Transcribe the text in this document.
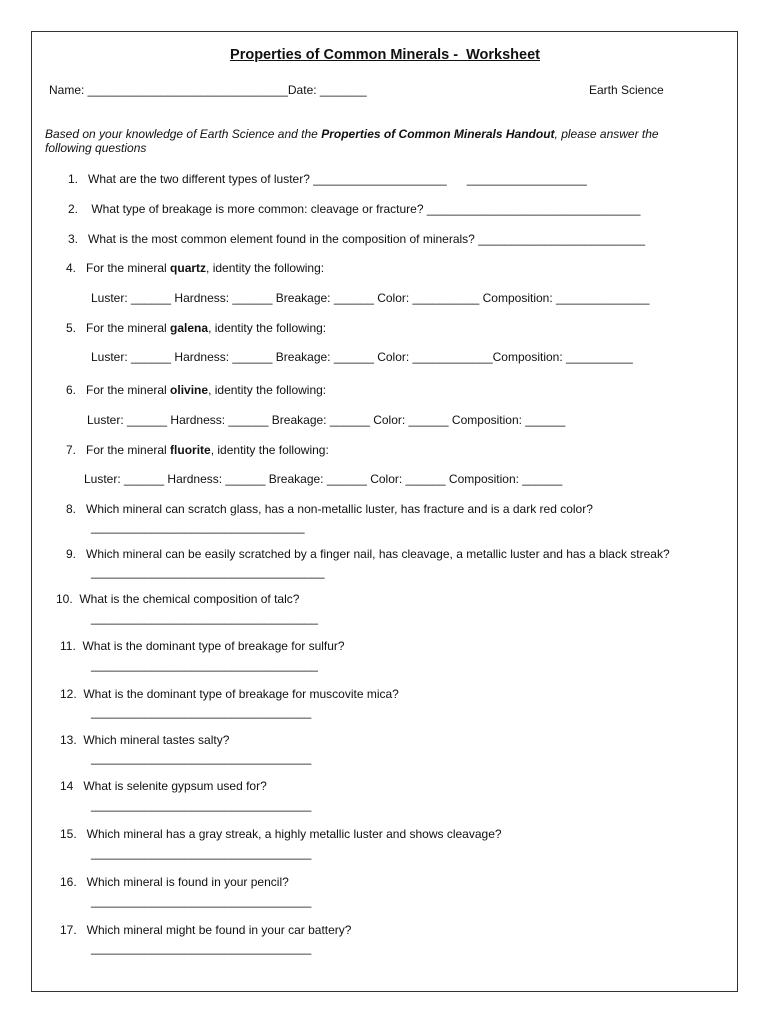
Properties of Common Minerals -  Worksheet
Name: ______________________________Date: _______	Earth Science
Based on your knowledge of Earth Science and the Properties of Common Minerals Handout, please answer the following questions
1.   What are the two different types of luster? ____________________      __________________
2.    What type of breakage is more common: cleavage or fracture? ________________________________
3.   What is the most common element found in the composition of minerals? _________________________
4.   For the mineral quartz, identity the following:
Luster: ______ Hardness: ______ Breakage: ______ Color: __________ Composition: ______________
5.   For the mineral galena, identity the following:
Luster: ______ Hardness: ______ Breakage: ______ Color: ____________Composition: __________
6.   For the mineral olivine, identity the following:
Luster: ______ Hardness: ______ Breakage: ______ Color: ______ Composition: ______
7.   For the mineral fluorite, identity the following:
Luster: ______ Hardness: ______ Breakage: ______ Color: ______ Composition: ______
8.   Which mineral can scratch glass, has a non-metallic luster, has fracture and is a dark red color?
________________________________
9.   Which mineral can be easily scratched by a finger nail, has cleavage, a metallic luster and has a black streak?
___________________________________
10.  What is the chemical composition of talc?
__________________________________
11.  What is the dominant type of breakage for sulfur?
__________________________________
12.  What is the dominant type of breakage for muscovite mica?
_________________________________
13.  Which mineral tastes salty?
_________________________________
14   What is selenite gypsum used for?
_________________________________
15.   Which mineral has a gray streak, a highly metallic luster and shows cleavage?
_________________________________
16.   Which mineral is found in your pencil?
_________________________________
17.   Which mineral might be found in your car battery?
_________________________________
